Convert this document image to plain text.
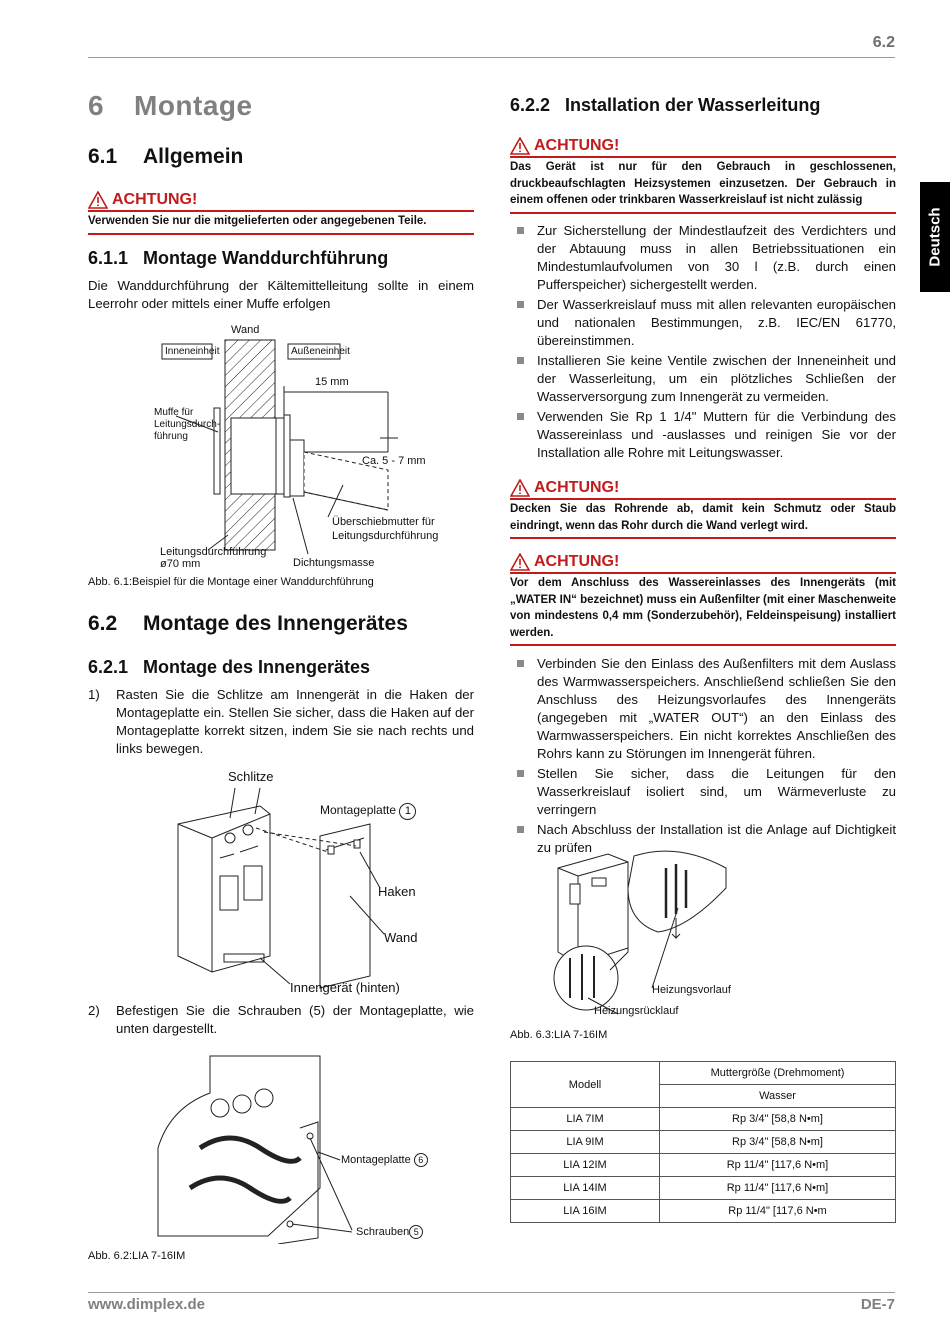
6.2
Deutsch
6 Montage
6.1 Allgemein
ACHTUNG!
Verwenden Sie nur die mitgelieferten oder angegebenen Teile.
6.1.1 Montage Wanddurchführung
Die Wanddurchführung der Kältemittelleitung sollte in einem Leerrohr oder mittels einer Muffe erfolgen
Wand
Inneneinheit	Außeneinheit
15 mm
Muffe für
Leitungsdurch-
führung
Ca. 5 - 7 mm
Überschiebmutter für
Leitungsdurchführung
Leitungsdurchführung
ø70 mm	Dichtungsmasse
Abb. 6.1:Beispiel für die Montage einer Wanddurchführung
6.2 Montage des Innengerätes
6.2.1 Montage des Innengerätes
1)	Rasten Sie die Schlitze am Innengerät in die Haken der Montageplatte ein. Stellen Sie sicher, dass die Haken auf der Montageplatte korrekt sitzen, indem Sie sie nach rechts und links bewegen.
Schlitze
Montageplatte 1
Haken
Wand
Innengerät (hinten)
2)	Befestigen Sie die Schrauben (5) der Montageplatte, wie unten dargestellt.
Montageplatte 6
Schrauben 5
Abb. 6.2:LIA 7-16IM
6.2.2 Installation der Wasserleitung
ACHTUNG!
Das Gerät ist nur für den Gebrauch in geschlossenen, druckbeaufschlagten Heizsystemen einzusetzen. Der Gebrauch in einem offenen oder trinkbaren Wasserkreislauf ist nicht zulässig
Zur Sicherstellung der Mindestlaufzeit des Verdichters und der Abtauung muss in allen Betriebssituationen ein Mindestumlaufvolumen von 30 l (z.B. durch einen Pufferspeicher) sichergestellt werden.
Der Wasserkreislauf muss mit allen relevanten europäischen und nationalen Bestimmungen, z.B. IEC/EN 61770, übereinstimmen.
Installieren Sie keine Ventile zwischen der Inneneinheit und der Wasserleitung, um ein plötzliches Schließen der Wasserversorgung zum Innengerät zu vermeiden.
Verwenden Sie Rp 1 1/4" Muttern für die Verbindung des Wassereinlass und -auslasses und reinigen Sie vor der Installation alle Rohre mit Leitungswasser.
ACHTUNG!
Decken Sie das Rohrende ab, damit kein Schmutz oder Staub eindringt, wenn das Rohr durch die Wand verlegt wird.
ACHTUNG!
Vor dem Anschluss des Wassereinlasses des Innengeräts (mit „WATER IN“ bezeichnet) muss ein Außenfilter (mit einer Maschenweite von mindestens 0,4 mm (Sonderzubehör), Feldeinspeisung) installiert werden.
Verbinden Sie den Einlass des Außenfilters mit dem Auslass des Warmwasserspeichers. Anschließend schließen Sie den Anschluss des Heizungsvorlaufes des Innengeräts (angegeben mit „WATER OUT“) an den Einlass des Warmwasserspeichers. Ein nicht korrektes Anschließen des Rohrs kann zu Störungen im Innengerät führen.
Stellen Sie sicher, dass die Leitungen für den Wasserkreislauf isoliert sind, um Wärmeverluste zu verringern
Nach Abschluss der Installation ist die Anlage auf Dichtigkeit zu prüfen
Heizungsvorlauf
Heizungsrücklauf
Abb. 6.3:LIA 7-16IM
Modell	Muttergröße (Drehmoment)
	Wasser
LIA 7IM	Rp 3/4" [58,8 N•m]
LIA 9IM	Rp 3/4" [58,8 N•m]
LIA 12IM	Rp 11/4" [117,6 N•m]
LIA 14IM	Rp 11/4" [117,6 N•m]
LIA 16IM	Rp 11/4" [117,6 N•m
www.dimplex.de	DE-7
